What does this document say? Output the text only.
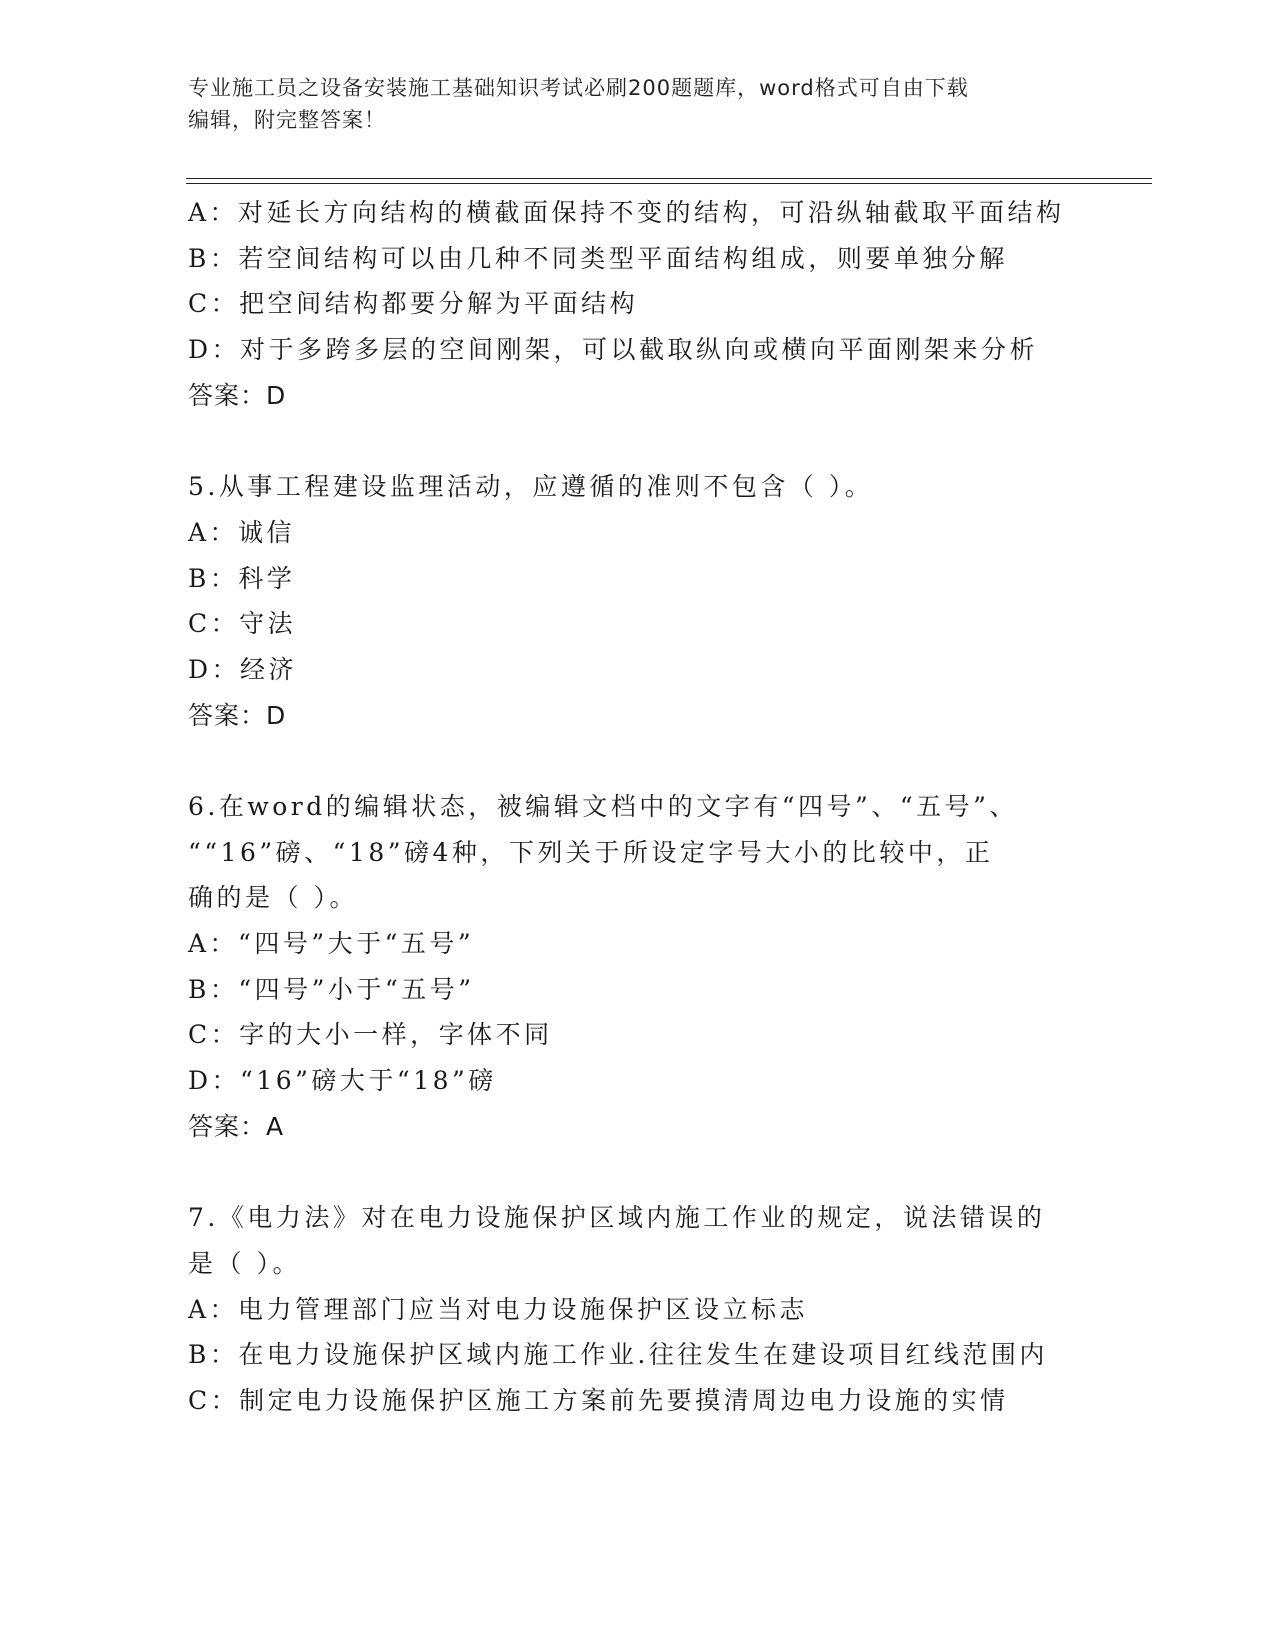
专业施工员之设备安装施工基础知识考试必刷200题题库，word格式可自由下载
编辑，附完整答案！
A：对延长方向结构的横截面保持不变的结构，可沿纵轴截取平面结构
B：若空间结构可以由几种不同类型平面结构组成，则要单独分解
C：把空间结构都要分解为平面结构
D：对于多跨多层的空间刚架，可以截取纵向或横向平面刚架来分析
答案：D
5.从事工程建设监理活动，应遵循的准则不包含（ ）。
A：诚信
B：科学
C：守法
D：经济
答案：D
6.在word的编辑状态，被编辑文档中的文字有“四号”、“五号”、
““16”磅、“18”磅4种，下列关于所设定字号大小的比较中，正
确的是（ ）。
A：“四号”大于“五号”
B：“四号”小于“五号”
C：字的大小一样，字体不同
D：“16”磅大于“18”磅
答案：A
7.《电力法》对在电力设施保护区域内施工作业的规定，说法错误的
是（ ）。
A：电力管理部门应当对电力设施保护区设立标志
B：在电力设施保护区域内施工作业.往往发生在建设项目红线范围内
C：制定电力设施保护区施工方案前先要摸清周边电力设施的实情
